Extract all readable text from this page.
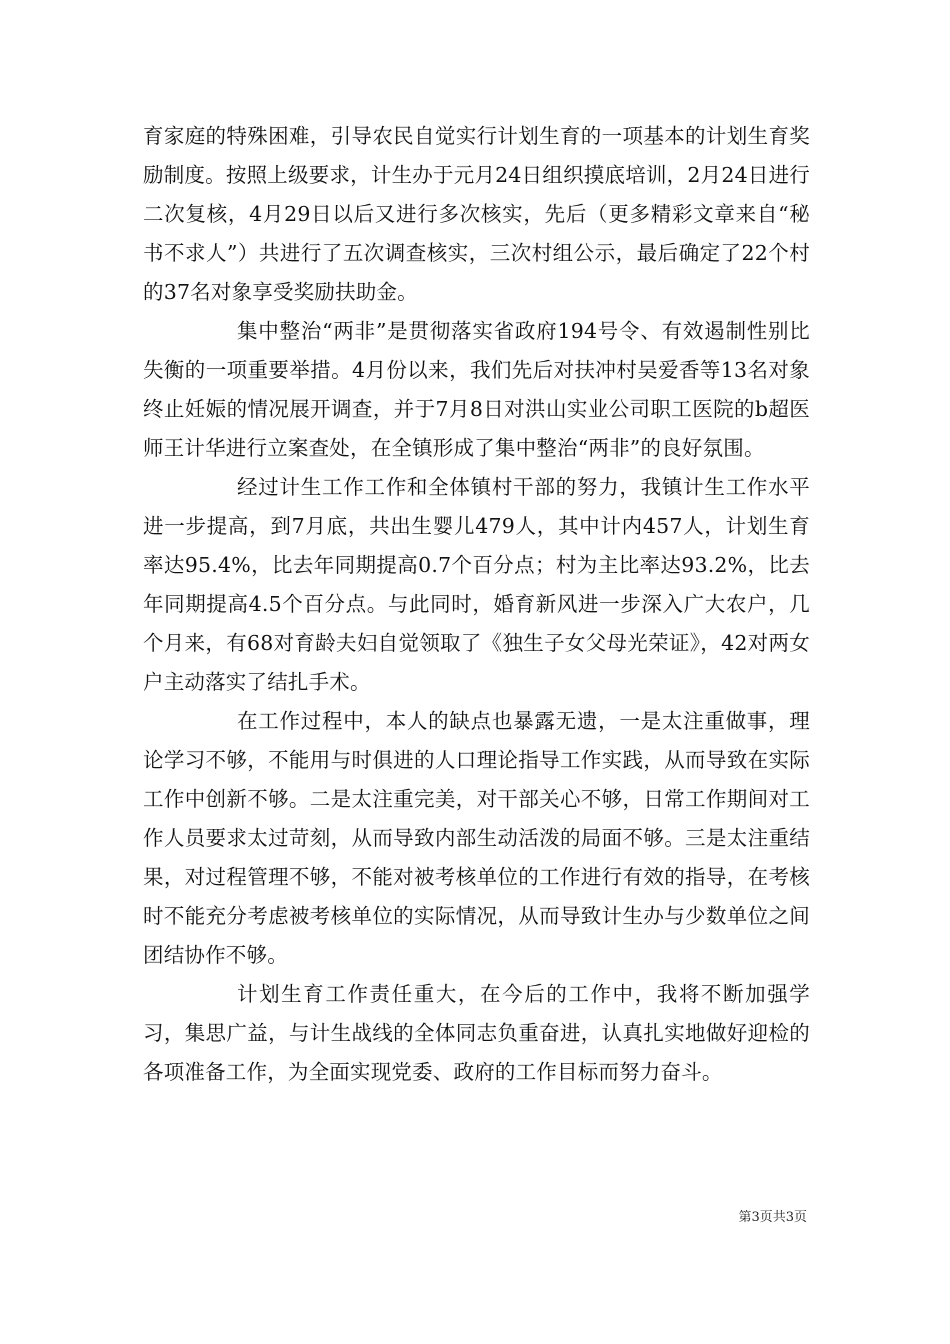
育家庭的特殊困难，引导农民自觉实行计划生育的一项基本的计划生育奖励制度。按照上级要求，计生办于元月24日组织摸底培训，2月24日进行二次复核，4月29日以后又进行多次核实，先后（更多精彩文章来自“秘书不求人”）共进行了五次调查核实，三次村组公示，最后确定了22个村的37名对象享受奖励扶助金。

集中整治“两非”是贯彻落实省政府194号令、有效遏制性别比失衡的一项重要举措。4月份以来，我们先后对扶冲村吴爱香等13名对象终止妊娠的情况展开调查，并于7月8日对洪山实业公司职工医院的b超医师王计华进行立案查处，在全镇形成了集中整治“两非”的良好氛围。

经过计生工作工作和全体镇村干部的努力，我镇计生工作水平进一步提高，到7月底，共出生婴儿479人，其中计内457人，计划生育率达95.4%，比去年同期提高0.7个百分点；村为主比率达93.2%，比去年同期提高4.5个百分点。与此同时，婚育新风进一步深入广大农户，几个月来，有68对育龄夫妇自觉领取了《独生子女父母光荣证》，42对两女户主动落实了结扎手术。

在工作过程中，本人的缺点也暴露无遗，一是太注重做事，理论学习不够，不能用与时俱进的人口理论指导工作实践，从而导致在实际工作中创新不够。二是太注重完美，对干部关心不够，日常工作期间对工作人员要求太过苛刻，从而导致内部生动活泼的局面不够。三是太注重结果，对过程管理不够，不能对被考核单位的工作进行有效的指导，在考核时不能充分考虑被考核单位的实际情况，从而导致计生办与少数单位之间团结协作不够。

计划生育工作责任重大，在今后的工作中，我将不断加强学习，集思广益，与计生战线的全体同志负重奋进，认真扎实地做好迎检的各项准备工作，为全面实现党委、政府的工作目标而努力奋斗。

第3页共3页
